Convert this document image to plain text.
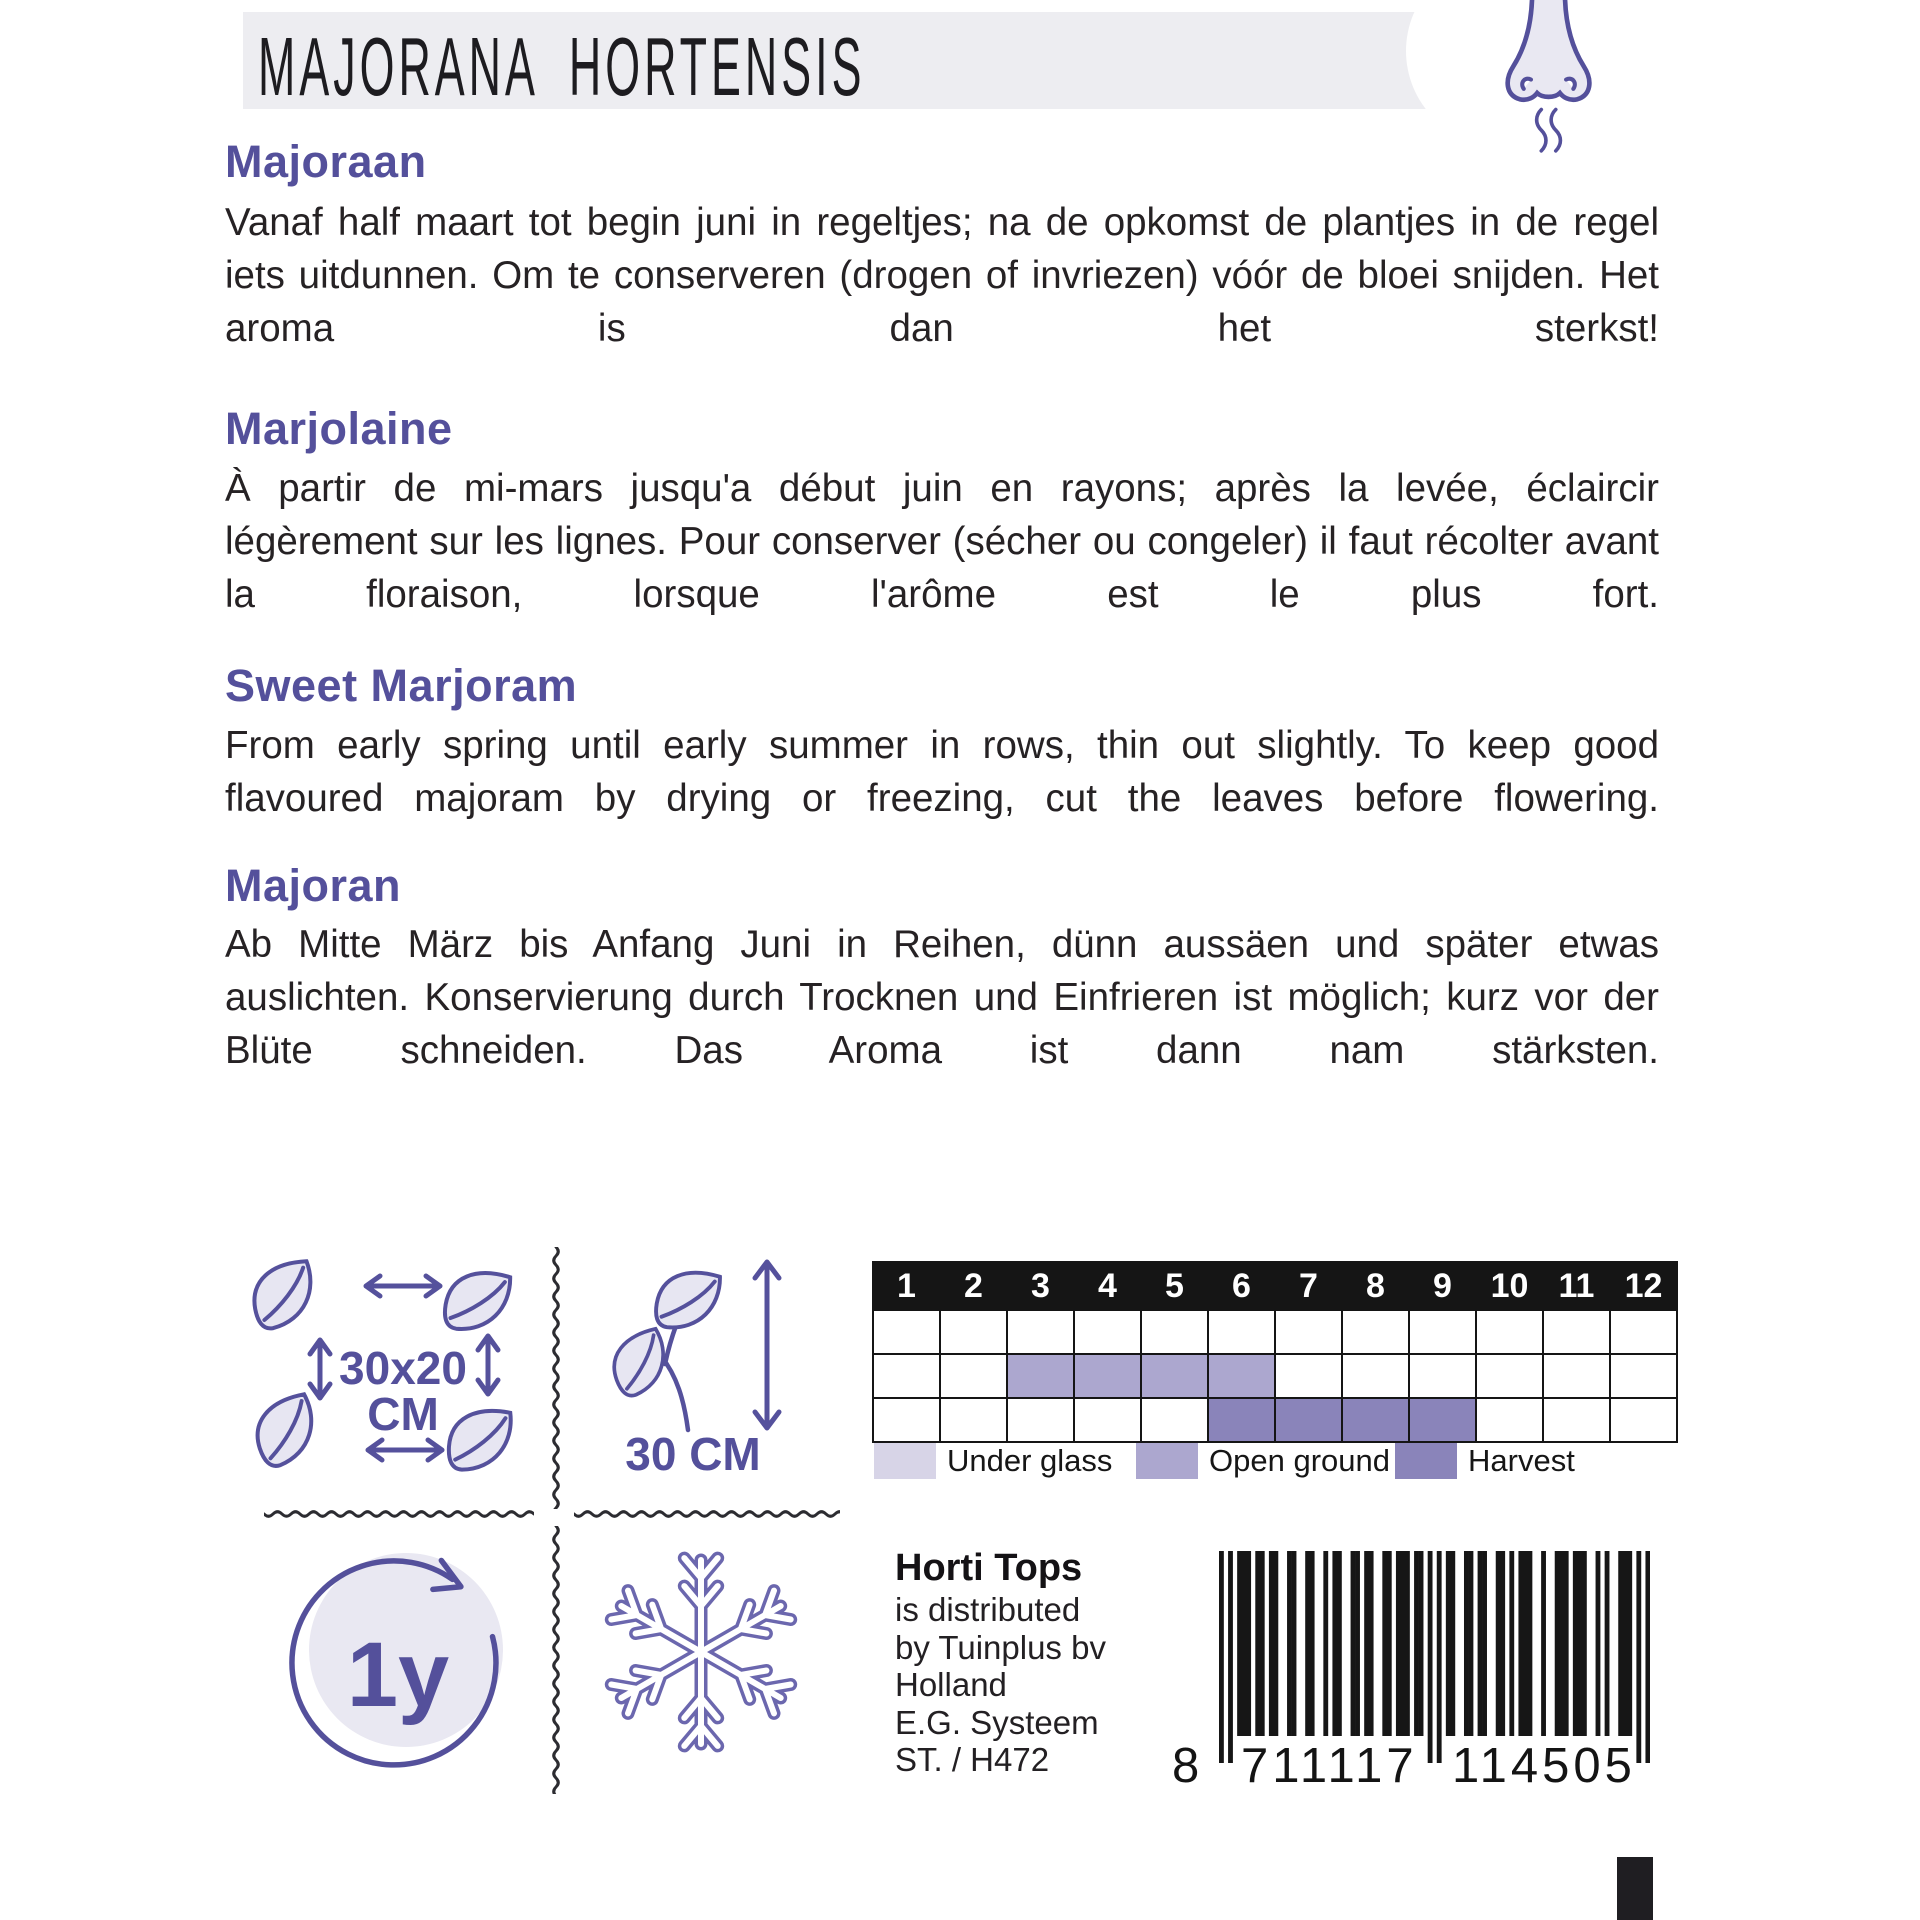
MAJORANA HORTENSIS
Majoraan
Vanaf half maart tot begin juni in regeltjes; na de opkomst de plantjes in de regel iets uitdunnen. Om te conserveren (drogen of invriezen) vóór de bloei snijden. Het aroma is dan het sterkst!
Marjolaine
À partir de mi-mars jusqu'a début juin en rayons; après la levée, éclaircir légèrement sur les lignes. Pour conserver (sécher ou congeler) il faut récolter avant la floraison, lorsque l'arôme est le plus fort.
Sweet Marjoram
From early spring until early summer in rows, thin out slightly. To keep good flavoured majoram by drying or freezing, cut the leaves before flowering.
Majoran
Ab Mitte März bis Anfang Juni in Reihen, dünn aussäen und später etwas auslichten. Konservierung durch Trocknen und Einfrieren ist möglich; kurz vor der Blüte schneiden. Das Aroma ist dann nam stärksten.
30x20
CM
30 CM
1	2	3	4	5	6	7	8	9	10	11	12

Under glass	Open ground	Harvest
1y
Horti Tops

is distributed

by Tuinplus bv

Holland

E.G. Systeem

ST. / H472	8 711117 114505
